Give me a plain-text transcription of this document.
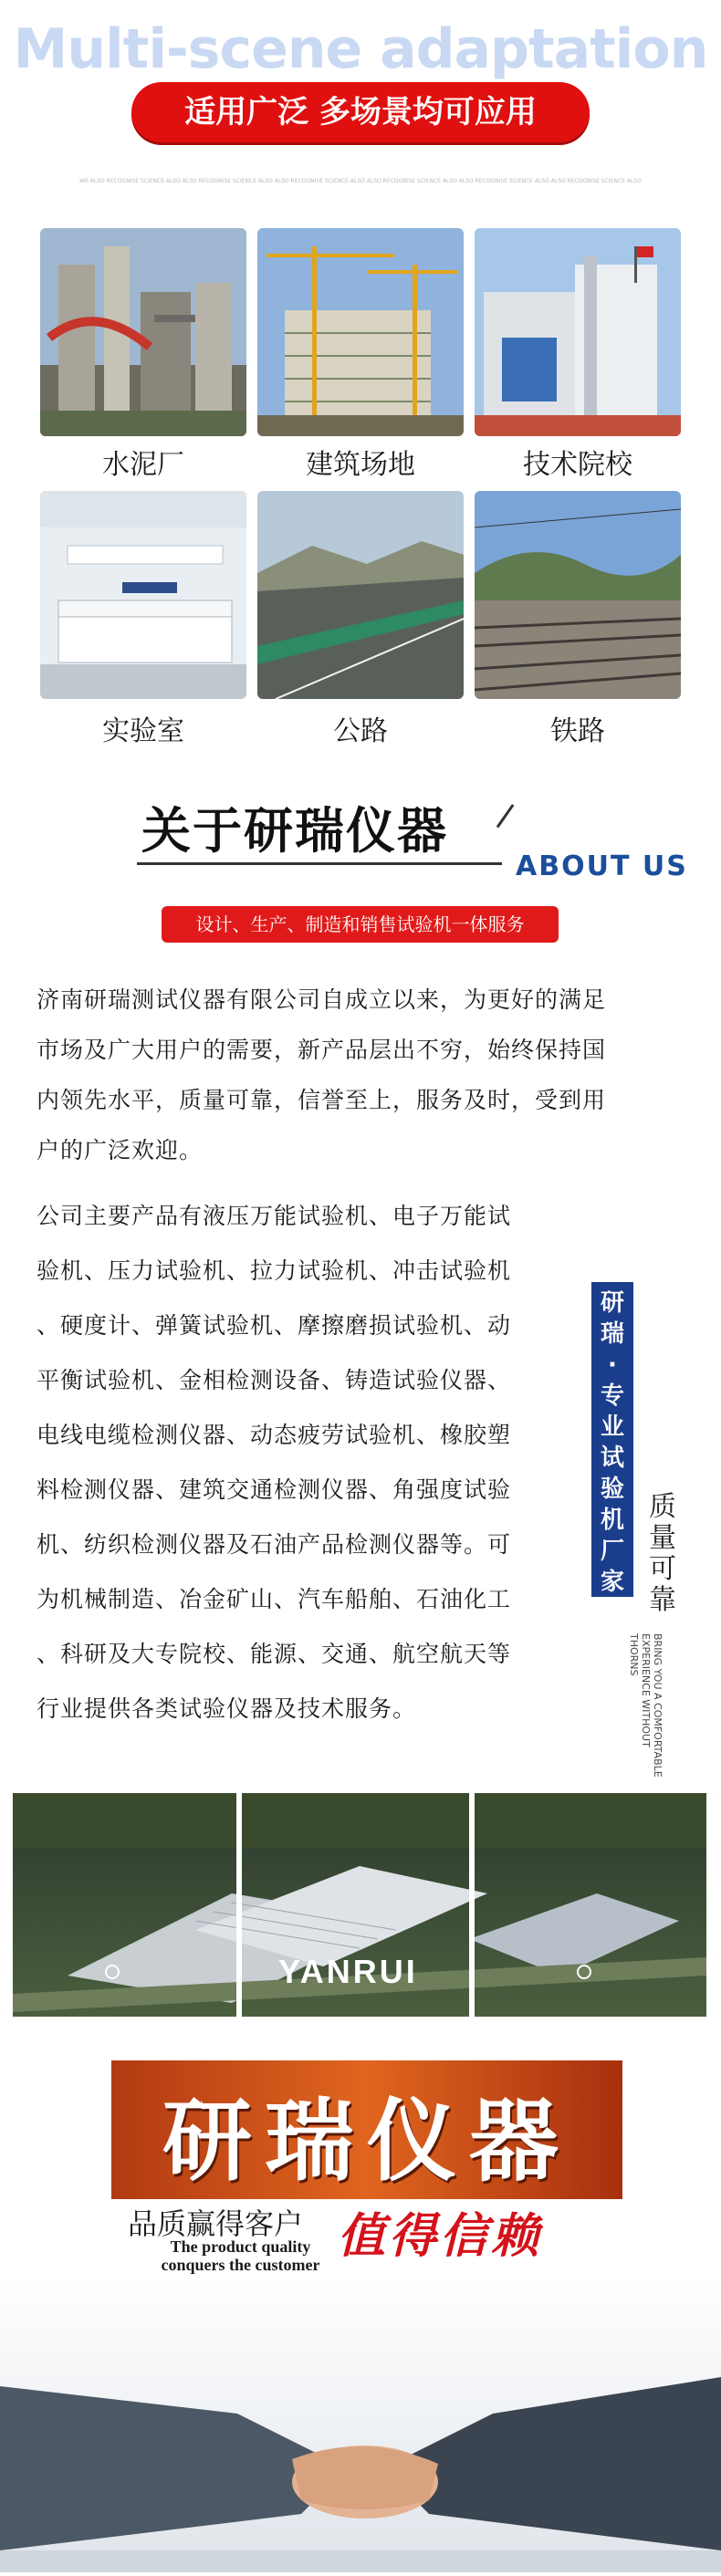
Multi-scene adaptation
适用广泛 多场景均可应用
WE ALSO RECOGNISE SCIENCE ALSO ALSO RECOGNISE SCIENCE ALSO ALSO RECOGNISE SCIENCE ALSO ALSO RECOGNISE SCIENCE ALSO ALSO RECOGNISE SCIENCE ALSO ALSO RECOGNISE SCIENCE ALSO
水泥厂	建筑场地	技术院校
实验室	公路	铁路
关于研瑞仪器
ABOUT US
设计、生产、制造和销售试验机一体服务
济南研瑞测试仪器有限公司自成立以来，为更好的满足
市场及广大用户的需要，新产品层出不穷，始终保持国
内领先水平，质量可靠，信誉至上，服务及时，受到用
户的广泛欢迎。
公司主要产品有液压万能试验机、电子万能试
验机、压力试验机、拉力试验机、冲击试验机
、硬度计、弹簧试验机、摩擦磨损试验机、动
平衡试验机、金相检测设备、铸造试验仪器、
电线电缆检测仪器、动态疲劳试验机、橡胶塑
料检测仪器、建筑交通检测仪器、角强度试验
机、纺织检测仪器及石油产品检测仪器等。可
为机械制造、冶金矿山、汽车船舶、石油化工
、科研及大专院校、能源、交通、航空航天等
行业提供各类试验仪器及技术服务。
研
瑞
·
专
业
试
验
机
厂
家
质
量
可
靠
BRING YOU A COMFORTABLE EXPERIENCE WITHOUT THORNS
YANRUI
研瑞仪器
品质赢得客户
The product quality
conquers the customer
值得信赖
